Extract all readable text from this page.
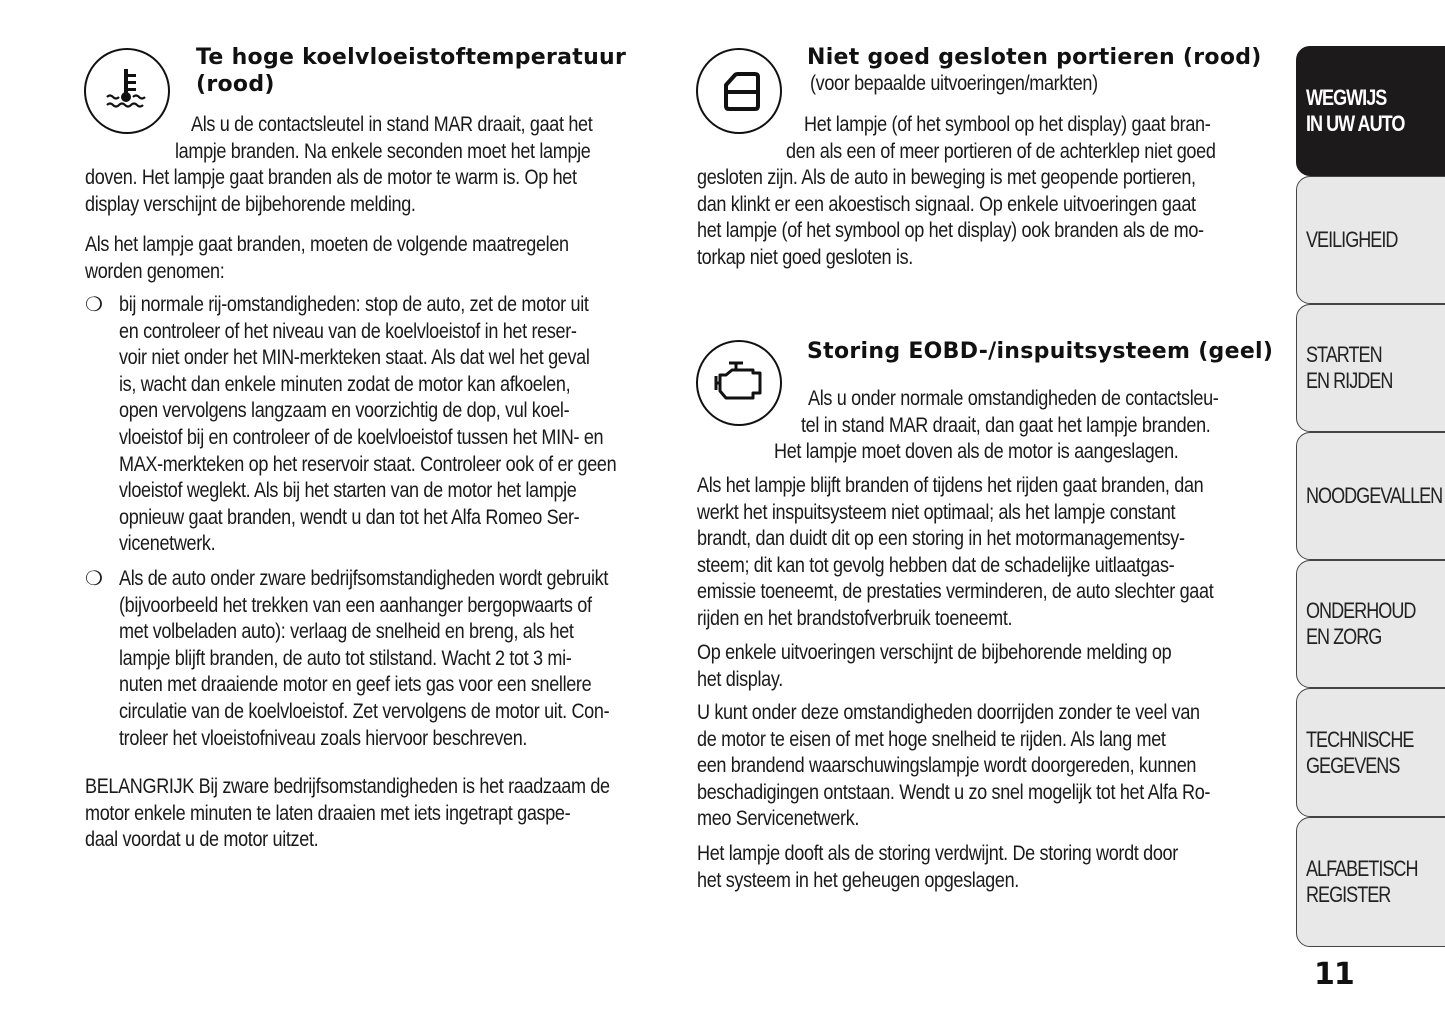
Te hoge koelvloeistoftemperatuur
(rood)
Als u de contactsleutel in stand MAR draait, gaat het
lampje branden. Na enkele seconden moet het lampje
doven. Het lampje gaat branden als de motor te warm is. Op het
display verschijnt de bijbehorende melding.
Als het lampje gaat branden, moeten de volgende maatregelen
worden genomen:
❍ bij normale rij-omstandigheden: stop de auto, zet de motor uit
en controleer of het niveau van de koelvloeistof in het reser-
voir niet onder het MIN-merkteken staat. Als dat wel het geval
is, wacht dan enkele minuten zodat de motor kan afkoelen,
open vervolgens langzaam en voorzichtig de dop, vul koel-
vloeistof bij en controleer of de koelvloeistof tussen het MIN- en
MAX-merkteken op het reservoir staat. Controleer ook of er geen
vloeistof weglekt. Als bij het starten van de motor het lampje
opnieuw gaat branden, wendt u dan tot het Alfa Romeo Ser-
vicenetwerk.
❍ Als de auto onder zware bedrijfsomstandigheden wordt gebruikt
(bijvoorbeeld het trekken van een aanhanger bergopwaarts of
met volbeladen auto): verlaag de snelheid en breng, als het
lampje blijft branden, de auto tot stilstand. Wacht 2 tot 3 mi-
nuten met draaiende motor en geef iets gas voor een snellere
circulatie van de koelvloeistof. Zet vervolgens de motor uit. Con-
troleer het vloeistofniveau zoals hiervoor beschreven.
BELANGRIJK Bij zware bedrijfsomstandigheden is het raadzaam de
motor enkele minuten te laten draaien met iets ingetrapt gaspe-
daal voordat u de motor uitzet.
Niet goed gesloten portieren (rood)
(voor bepaalde uitvoeringen/markten)
Het lampje (of het symbool op het display) gaat bran-
den als een of meer portieren of de achterklep niet goed
gesloten zijn. Als de auto in beweging is met geopende portieren,
dan klinkt er een akoestisch signaal. Op enkele uitvoeringen gaat
het lampje (of het symbool op het display) ook branden als de mo-
torkap niet goed gesloten is.
Storing EOBD-/inspuitsysteem (geel)
Als u onder normale omstandigheden de contactsleu-
tel in stand MAR draait, dan gaat het lampje branden.
Het lampje moet doven als de motor is aangeslagen.
Als het lampje blijft branden of tijdens het rijden gaat branden, dan
werkt het inspuitsysteem niet optimaal; als het lampje constant
brandt, dan duidt dit op een storing in het motormanagementsy-
steem; dit kan tot gevolg hebben dat de schadelijke uitlaatgas-
emissie toeneemt, de prestaties verminderen, de auto slechter gaat
rijden en het brandstofverbruik toeneemt.
Op enkele uitvoeringen verschijnt de bijbehorende melding op
het display.
U kunt onder deze omstandigheden doorrijden zonder te veel van
de motor te eisen of met hoge snelheid te rijden. Als lang met
een brandend waarschuwingslampje wordt doorgereden, kunnen
beschadigingen ontstaan. Wendt u zo snel mogelijk tot het Alfa Ro-
meo Servicenetwerk.
Het lampje dooft als de storing verdwijnt. De storing wordt door
het systeem in het geheugen opgeslagen.
WEGWIJS
IN UW AUTO
VEILIGHEID
STARTEN
EN RIJDEN
NOODGEVALLEN
ONDERHOUD
EN ZORG
TECHNISCHE
GEGEVENS
ALFABETISCH
REGISTER
11
